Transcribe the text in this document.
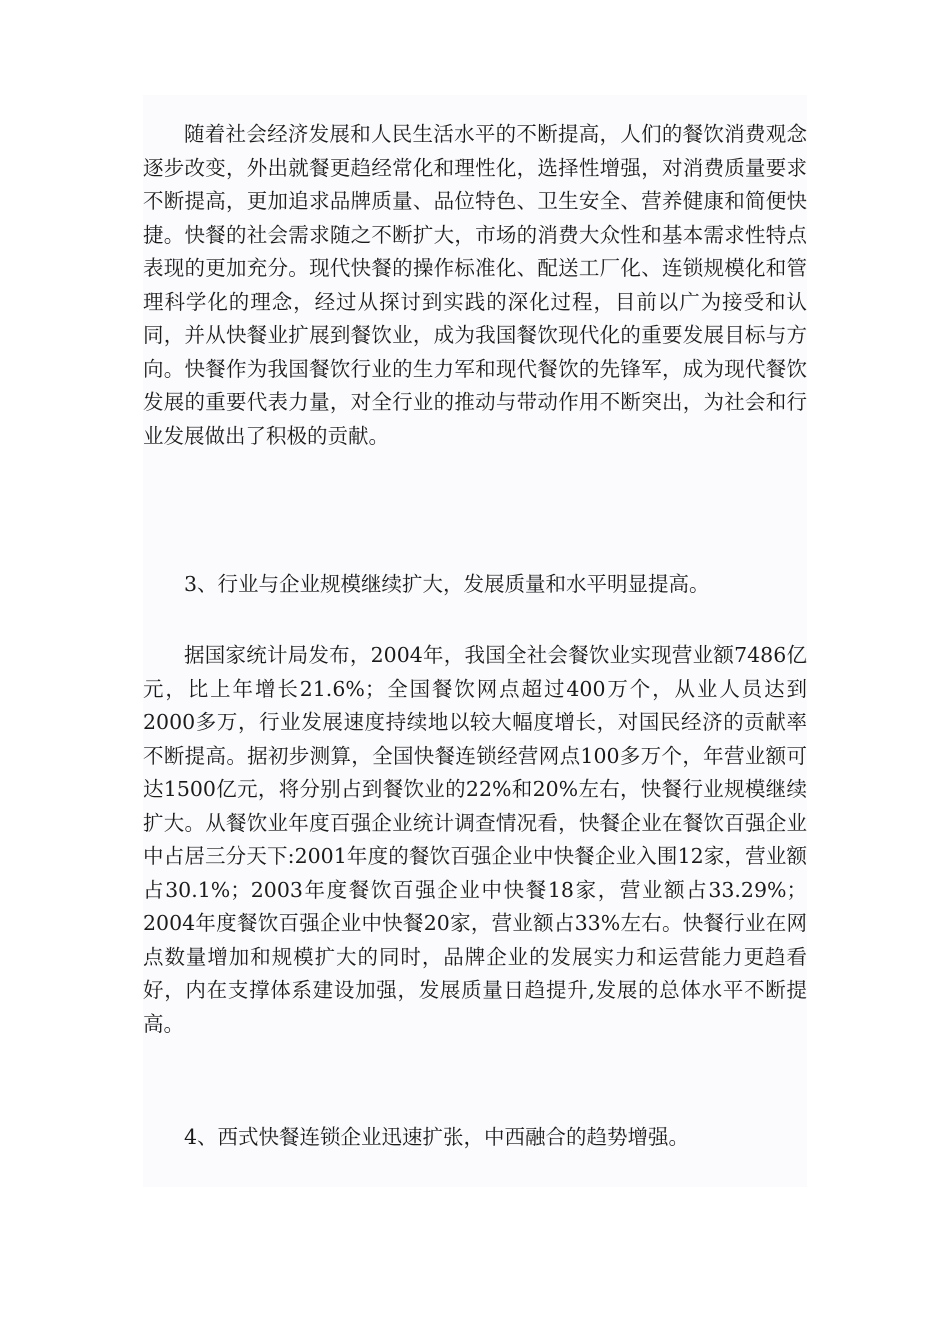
随着社会经济发展和人民生活水平的不断提高，人们的餐饮消费观念逐步改变，外出就餐更趋经常化和理性化，选择性增强，对消费质量要求不断提高，更加追求品牌质量、品位特色、卫生安全、营养健康和简便快捷。快餐的社会需求随之不断扩大，市场的消费大众性和基本需求性特点表现的更加充分。现代快餐的操作标准化、配送工厂化、连锁规模化和管理科学化的理念，经过从探讨到实践的深化过程，目前以广为接受和认同，并从快餐业扩展到餐饮业，成为我国餐饮现代化的重要发展目标与方向。快餐作为我国餐饮行业的生力军和现代餐饮的先锋军，成为现代餐饮发展的重要代表力量，对全行业的推动与带动作用不断突出，为社会和行业发展做出了积极的贡献。

3、行业与企业规模继续扩大，发展质量和水平明显提高。

据国家统计局发布，2004年，我国全社会餐饮业实现营业额7486亿元，比上年增长21.6%；全国餐饮网点超过400万个，从业人员达到2000多万，行业发展速度持续地以较大幅度增长，对国民经济的贡献率不断提高。据初步测算，全国快餐连锁经营网点100多万个，年营业额可达1500亿元，将分别占到餐饮业的22%和20%左右，快餐行业规模继续扩大。从餐饮业年度百强企业统计调查情况看，快餐企业在餐饮百强企业中占居三分天下:2001年度的餐饮百强企业中快餐企业入围12家，营业额占30.1%；2003年度餐饮百强企业中快餐18家，营业额占33.29%；2004年度餐饮百强企业中快餐20家，营业额占33%左右。快餐行业在网点数量增加和规模扩大的同时，品牌企业的发展实力和运营能力更趋看好，内在支撑体系建设加强，发展质量日趋提升,发展的总体水平不断提高。

4、西式快餐连锁企业迅速扩张，中西融合的趋势增强。
